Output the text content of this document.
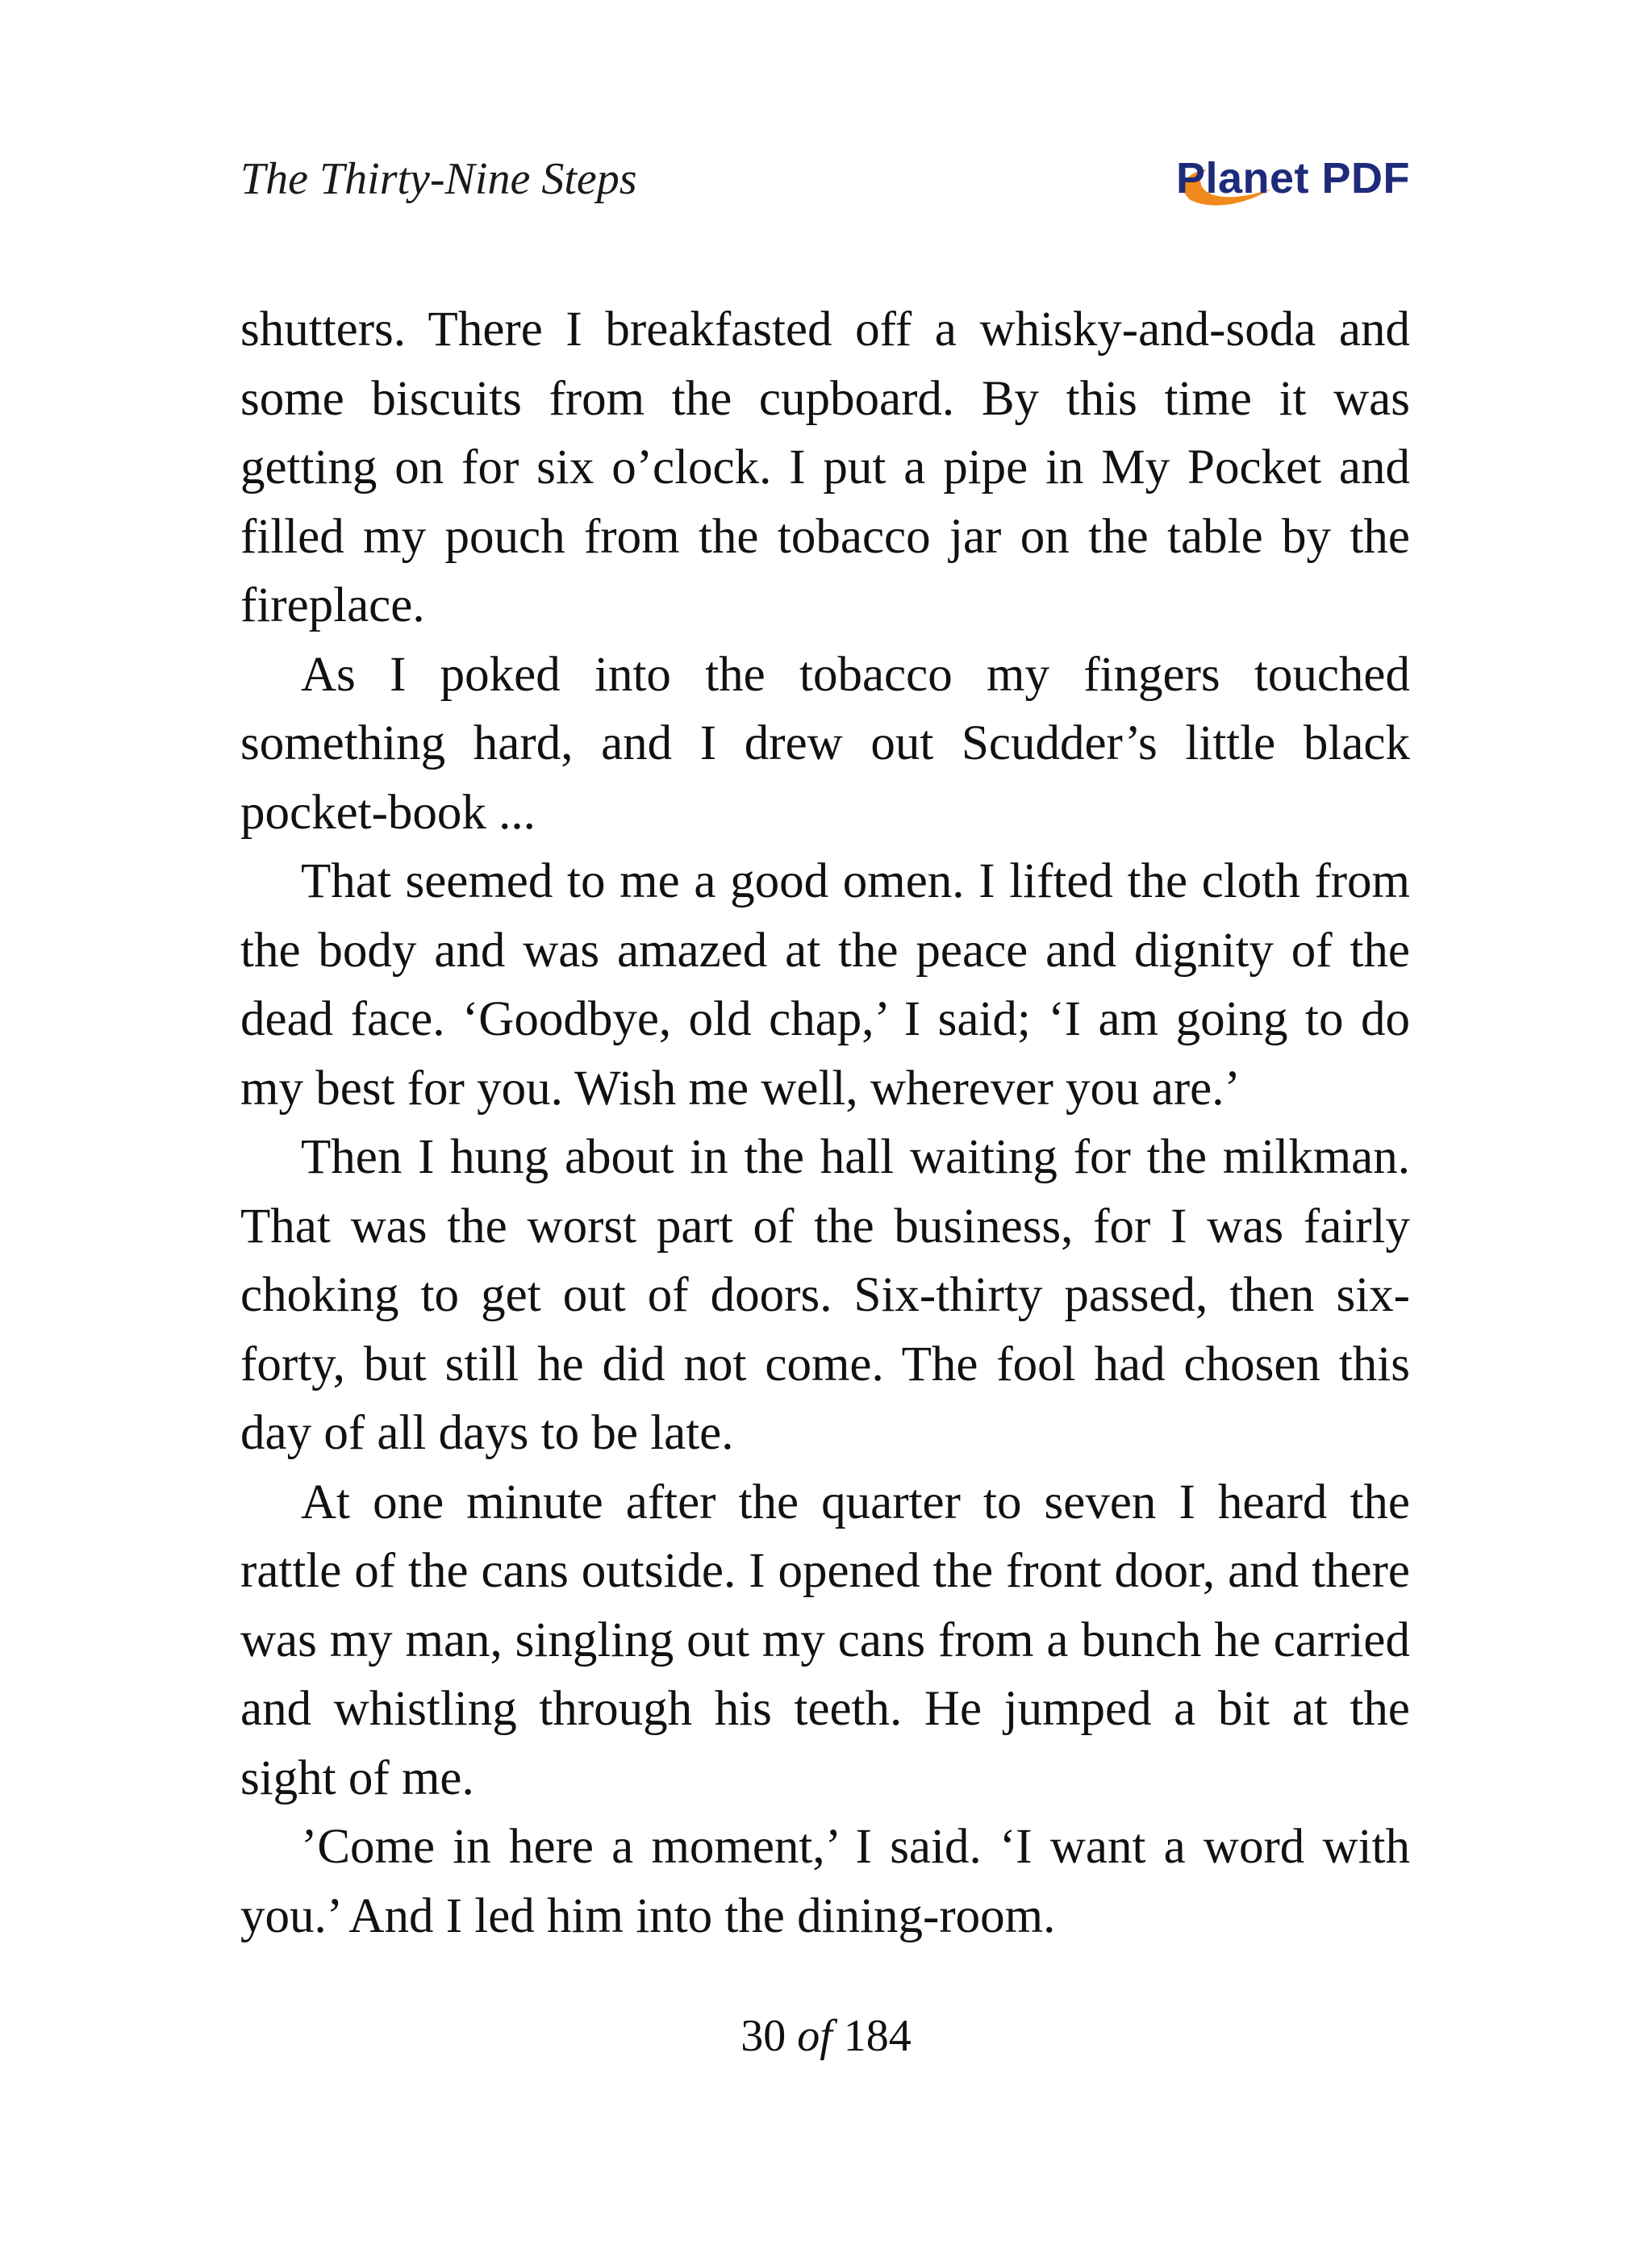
The Thirty-Nine Steps	Planet PDF

shutters. There I breakfasted off a whisky-and-soda and some biscuits from the cupboard. By this time it was getting on for six o’clock. I put a pipe in My Pocket and filled my pouch from the tobacco jar on the table by the fireplace.

As I poked into the tobacco my fingers touched something hard, and I drew out Scudder’s little black pocket-book ...

That seemed to me a good omen. I lifted the cloth from the body and was amazed at the peace and dignity of the dead face. ‘Goodbye, old chap,’ I said; ‘I am going to do my best for you. Wish me well, wherever you are.’

Then I hung about in the hall waiting for the milkman. That was the worst part of the business, for I was fairly choking to get out of doors. Six-thirty passed, then six-forty, but still he did not come. The fool had chosen this day of all days to be late.

At one minute after the quarter to seven I heard the rattle of the cans outside. I opened the front door, and there was my man, singling out my cans from a bunch he carried and whistling through his teeth. He jumped a bit at the sight of me.

’Come in here a moment,’ I said. ‘I want a word with you.’ And I led him into the dining-room.

30 of 184
